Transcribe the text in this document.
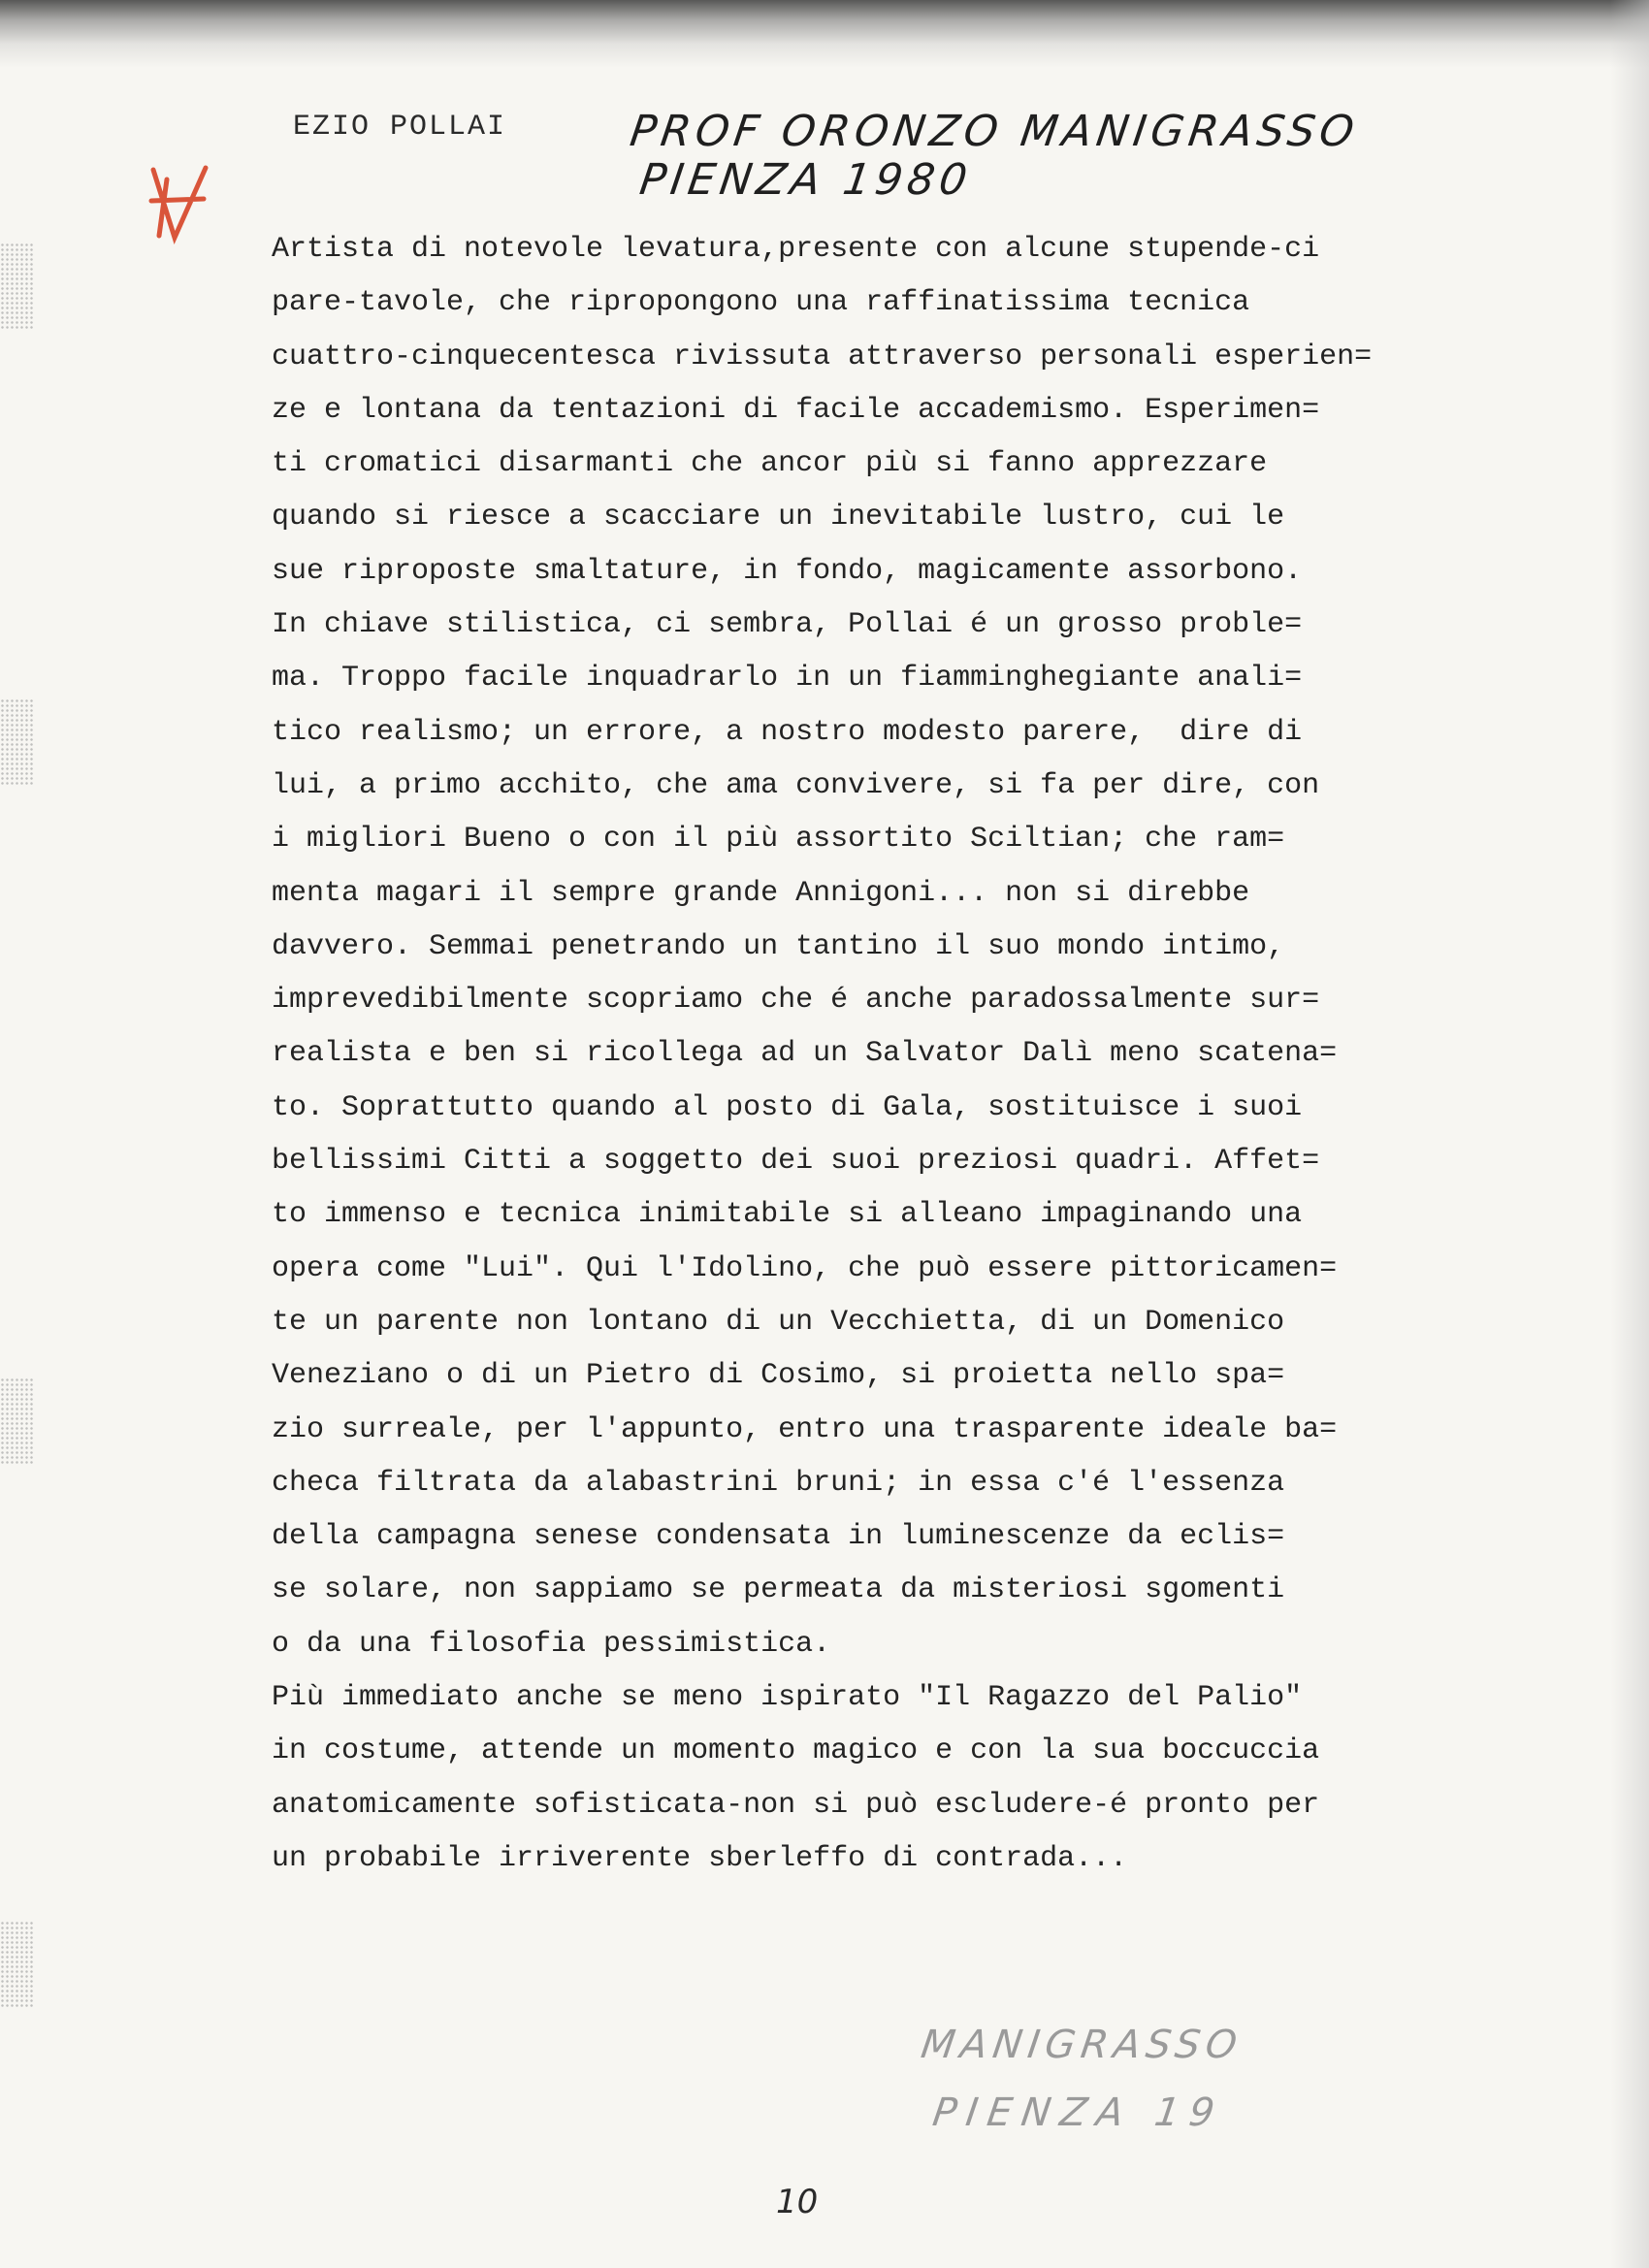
EZIO POLLAI	PROF ORONZO MANIGRASSO
PIENZA 1980
Artista di notevole levatura,presente con alcune stupende-ci
pare-tavole, che ripropongono una raffinatissima tecnica
cuattro-cinquecentesca rivissuta attraverso personali esperien=
ze e lontana da tentazioni di facile accademismo. Esperimen=
ti cromatici disarmanti che ancor più si fanno apprezzare
quando si riesce a scacciare un inevitabile lustro, cui le
sue riproposte smaltature, in fondo, magicamente assorbono.
In chiave stilistica, ci sembra, Pollai é un grosso proble=
ma. Troppo facile inquadrarlo in un fiamminghegiante anali=
tico realismo; un errore, a nostro modesto parere,  dire di
lui, a primo acchito, che ama convivere, si fa per dire, con
i migliori Bueno o con il più assortito Sciltian; che ram=
menta magari il sempre grande Annigoni... non si direbbe
davvero. Semmai penetrando un tantino il suo mondo intimo,
imprevedibilmente scopriamo che é anche paradossalmente sur=
realista e ben si ricollega ad un Salvator Dalì meno scatena=
to. Soprattutto quando al posto di Gala, sostituisce i suoi
bellissimi Citti a soggetto dei suoi preziosi quadri. Affet=
to immenso e tecnica inimitabile si alleano impaginando una
opera come "Lui". Qui l'Idolino, che può essere pittoricamen=
te un parente non lontano di un Vecchietta, di un Domenico
Veneziano o di un Pietro di Cosimo, si proietta nello spa=
zio surreale, per l'appunto, entro una trasparente ideale ba=
checa filtrata da alabastrini bruni; in essa c'é l'essenza
della campagna senese condensata in luminescenze da eclis=
se solare, non sappiamo se permeata da misteriosi sgomenti
o da una filosofia pessimistica.
Più immediato anche se meno ispirato "Il Ragazzo del Palio"
in costume, attende un momento magico e con la sua boccuccia
anatomicamente sofisticata-non si può escludere-é pronto per
un probabile irriverente sberleffo di contrada...
MANIGRASSO
PIENZA 19
10
